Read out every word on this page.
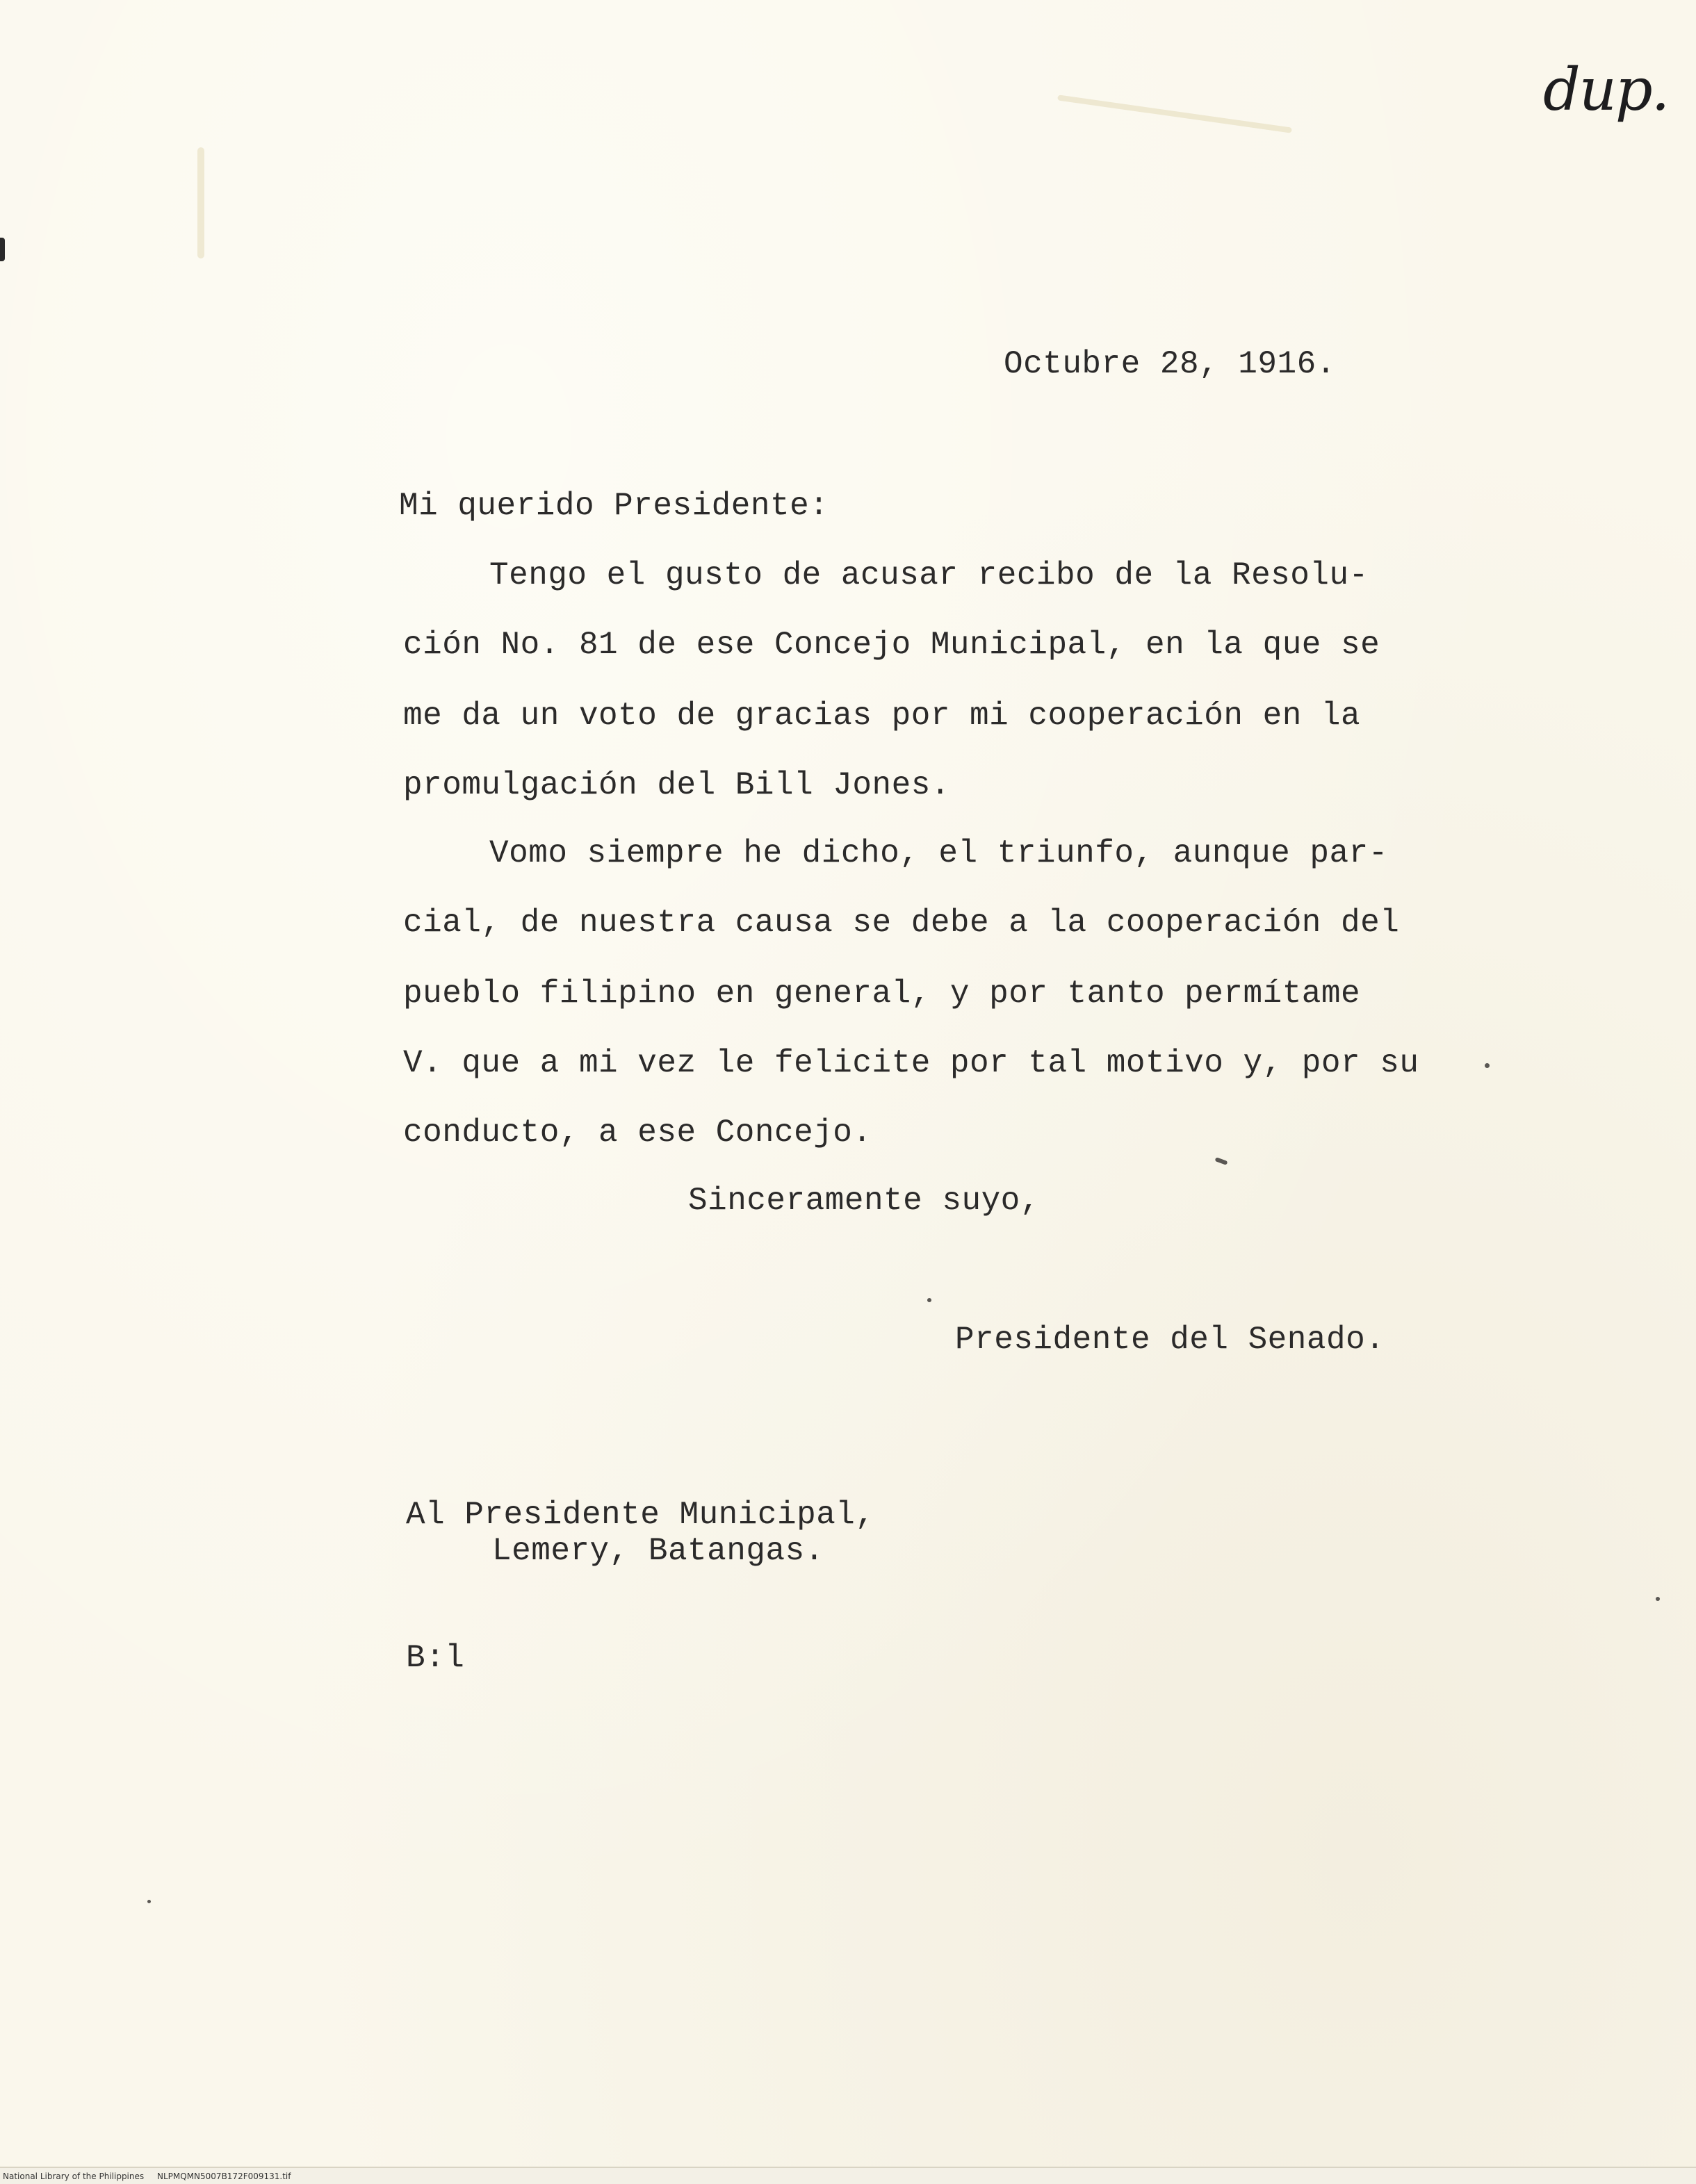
dup.
Octubre 28, 1916.
Mi querido Presidente:
Tengo el gusto de acusar recibo de la Resolu-
ción No. 81 de ese Concejo Municipal, en la que se
me da un voto de gracias por mi cooperación en la
promulgación del Bill Jones.
Vomo siempre he dicho, el triunfo, aunque par-
cial, de nuestra causa se debe a la cooperación del
pueblo filipino en general, y por tanto permítame
V. que a mi vez le felicite por tal motivo y, por su
conducto, a ese Concejo.
Sinceramente suyo,
Presidente del Senado.
Al Presidente Municipal,
Lemery, Batangas.
B:l
National Library of the Philippines NLPMQMN5007B172F009131.tif
